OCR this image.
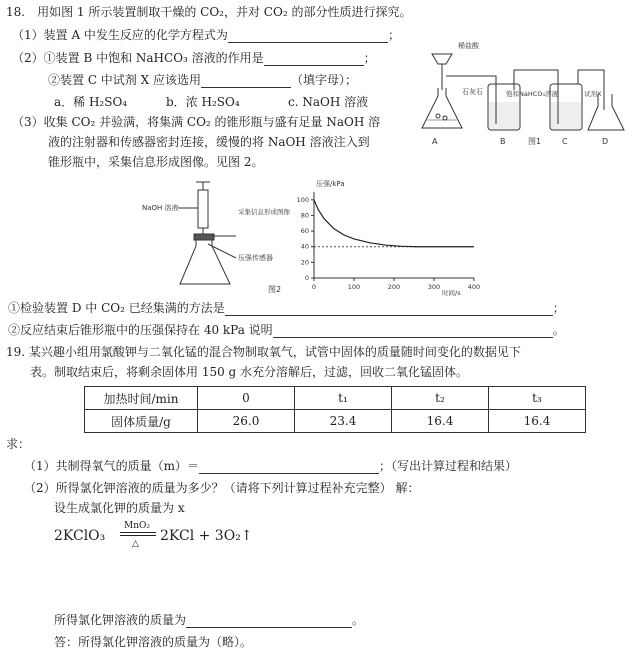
18.　用如图 1 所示装置制取干燥的 CO₂，并对 CO₂ 的部分性质进行探究。
（1）装置 A 中发生反应的化学方程式为	；
（2）①装置 B 中饱和 NaHCO₃ 溶液的作用是	；
②装置 C 中试剂 X 应该选用	（填字母）；
a．稀 H₂SO₄	b．浓 H₂SO₄	c. NaOH 溶液
（3）收集 CO₂ 并验满，将集满 CO₂ 的锥形瓶与盛有足量 NaOH 溶
液的注射器和传感器密封连接，缓慢的将 NaOH 溶液注入到
锥形瓶中，采集信息形成图像。见图 2。
稀盐酸
石灰石	饱和NaHCO₃溶液	试剂X
A	B	图1	C	D
NaOH 溶液	采集信息形成图像
压强传感器
图2
压强/kPa
时间/s
0	100	200	300	400
0
20
40
60
80
100
①检验装置 D 中 CO₂ 已经集满的方法是	；
②反应结束后锥形瓶中的压强保持在 40 kPa 说明	。
19. 某兴趣小组用氯酸钾与二氧化锰的混合物制取氧气，试管中固体的质量随时间变化的数据见下
表。制取结束后，将剩余固体用 150 g 水充分溶解后，过滤，回收二氧化锰固体。
加热时间/min	0	t₁	t₂	t₃
固体质量/g	26.0	23.4	16.4	16.4
求：
（1）共制得氧气的质量（m）＝	；（写出计算过程和结果）
（2）所得氯化钾溶液的质量为多少？（请将下列计算过程补充完整） 解：
设生成氯化钾的质量为 x
2KClO₃
MnO₂
△ 2KCl + 3O₂↑
所得氯化钾溶液的质量为	。
答：所得氯化钾溶液的质量为（略）。
